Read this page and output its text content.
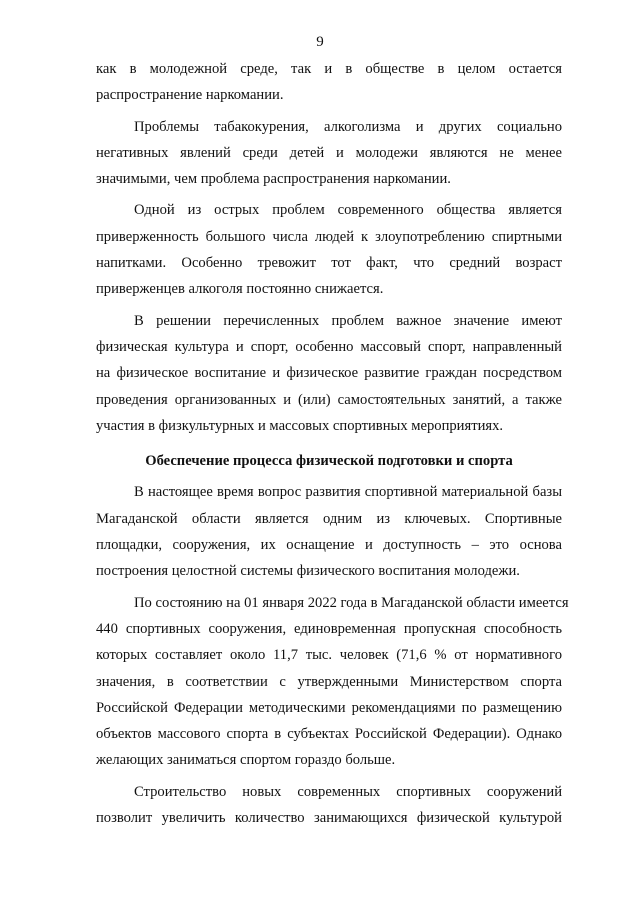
9

как в молодежной среде, так и в обществе в целом остается
распространение наркомании.

Проблемы табакокурения, алкоголизма и других социально
негативных явлений среди детей и молодежи являются не менее
значимыми, чем проблема распространения наркомании.

Одной из острых проблем современного общества является
приверженность большого числа людей к злоупотреблению спиртными
напитками. Особенно тревожит тот факт, что средний возраст
приверженцев алкоголя постоянно снижается.

В решении перечисленных проблем важное значение имеют
физическая культура и спорт, особенно массовый спорт, направленный
на физическое воспитание и физическое развитие граждан посредством
проведения организованных и (или) самостоятельных занятий, а также
участия в физкультурных и массовых спортивных мероприятиях.

Обеспечение процесса физической подготовки и спорта

В настоящее время вопрос развития спортивной материальной базы
Магаданской области является одним из ключевых. Спортивные
площадки, сооружения, их оснащение и доступность – это основа
построения целостной системы физического воспитания молодежи.

По состоянию на 01 января 2022 года в Магаданской области имеется
440 спортивных сооружения, единовременная пропускная способность
которых составляет около 11,7 тыс. человек (71,6 % от нормативного
значения, в соответствии с утвержденными Министерством спорта
Российской Федерации методическими рекомендациями по размещению
объектов массового спорта в субъектах Российской Федерации). Однако
желающих заниматься спортом гораздо больше.

Строительство новых современных спортивных сооружений
позволит увеличить количество занимающихся физической культурой
